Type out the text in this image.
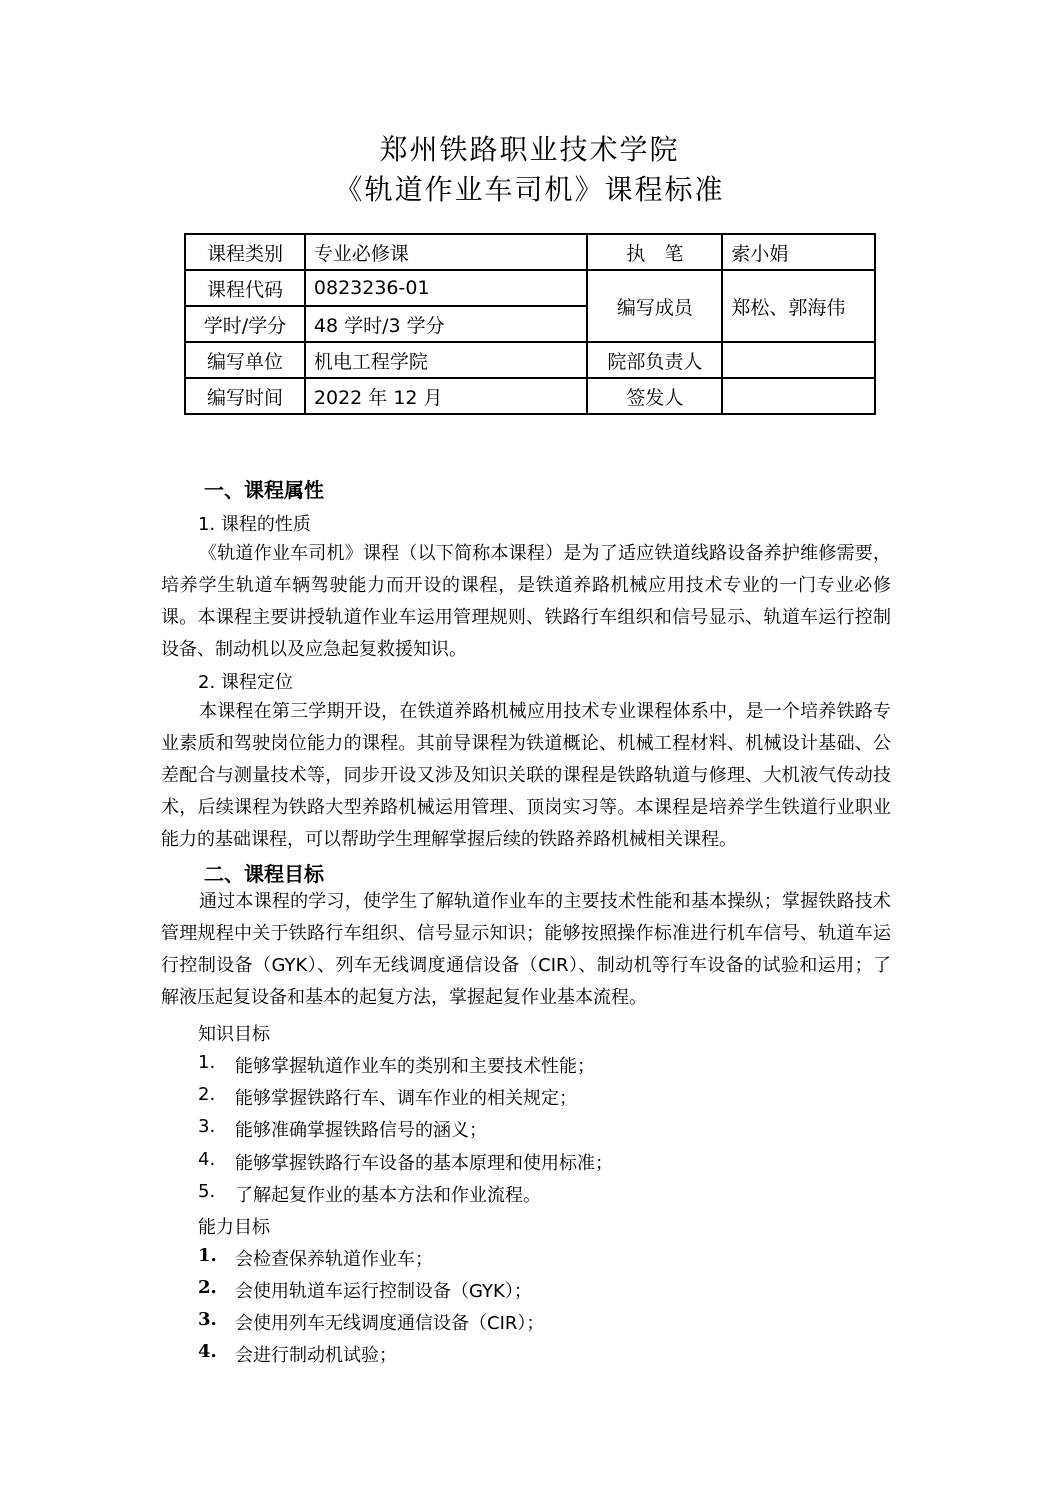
郑州铁路职业技术学院
《轨道作业车司机》课程标准
课程类别	专业必修课	执　笔	索小娟
课程代码	0823236-01	编写成员	郑松、郭海伟
学时/学分	48 学时/3 学分		
编写单位	机电工程学院	院部负责人	
编写时间	2022 年 12 月	签发人	
一、课程属性
1. 课程的性质

《轨道作业车司机》课程（以下简称本课程）是为了适应铁道线路设备养护维修需要，培养学生轨道车辆驾驶能力而开设的课程，是铁道养路机械应用技术专业的一门专业必修课。本课程主要讲授轨道作业车运用管理规则、铁路行车组织和信号显示、轨道车运行控制设备、制动机以及应急起复救援知识。

2. 课程定位

本课程在第三学期开设，在铁道养路机械应用技术专业课程体系中，是一个培养铁路专业素质和驾驶岗位能力的课程。其前导课程为铁道概论、机械工程材料、机械设计基础、公差配合与测量技术等，同步开设又涉及知识关联的课程是铁路轨道与修理、大机液气传动技术，后续课程为铁路大型养路机械运用管理、顶岗实习等。本课程是培养学生铁道行业职业能力的基础课程，可以帮助学生理解掌握后续的铁路养路机械相关课程。

二、课程目标

通过本课程的学习，使学生了解轨道作业车的主要技术性能和基本操纵；掌握铁路技术管理规程中关于铁路行车组织、信号显示知识；能够按照操作标准进行机车信号、轨道车运行控制设备（GYK）、列车无线调度通信设备（CIR）、制动机等行车设备的试验和运用；了解液压起复设备和基本的起复方法，掌握起复作业基本流程。

知识目标
1. 能够掌握轨道作业车的类别和主要技术性能；
2. 能够掌握铁路行车、调车作业的相关规定；
3. 能够准确掌握铁路信号的涵义；
4. 能够掌握铁路行车设备的基本原理和使用标准；
5. 了解起复作业的基本方法和作业流程。
能力目标
1. 会检查保养轨道作业车；
2. 会使用轨道车运行控制设备（GYK）；
3. 会使用列车无线调度通信设备（CIR）；
4. 会进行制动机试验；
